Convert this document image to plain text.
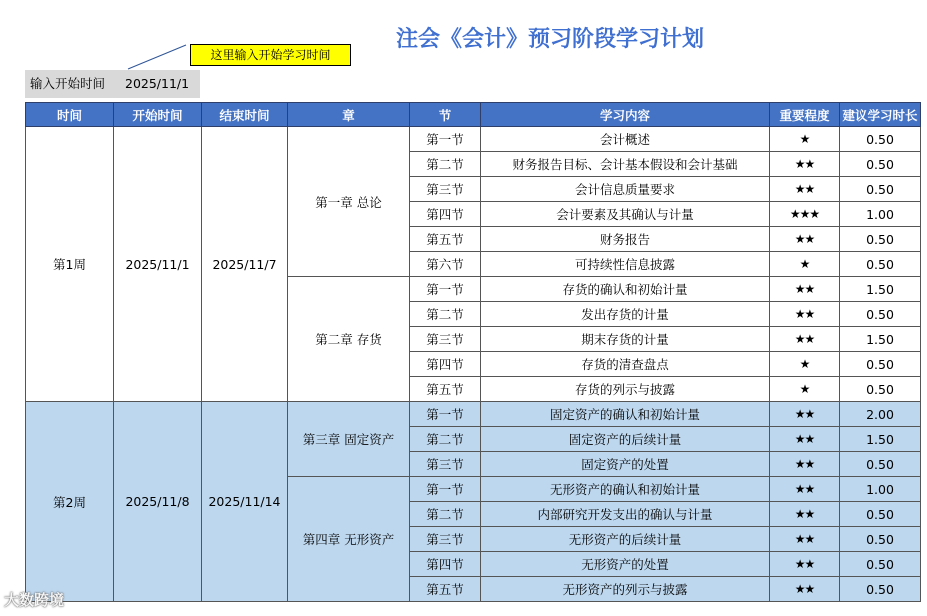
注会《会计》预习阶段学习计划
这里输入开始学习时间
输入开始时间 2025/11/1
时间	开始时间	结束时间	章	节	学习内容	重要程度	建议学习时长
第1周	2025/11/1	2025/11/7	第一章 总论	第一节	会计概述	★	0.50
				第二节	财务报告目标、会计基本假设和会计基础	★★	0.50
				第三节	会计信息质量要求	★★	0.50
				第四节	会计要素及其确认与计量	★★★	1.00
				第五节	财务报告	★★	0.50
				第六节	可持续性信息披露	★	0.50
			第二章 存货	第一节	存货的确认和初始计量	★★	1.50
				第二节	发出存货的计量	★★	0.50
				第三节	期末存货的计量	★★	1.50
				第四节	存货的清查盘点	★	0.50
				第五节	存货的列示与披露	★	0.50
第2周	2025/11/8	2025/11/14	第三章 固定资产	第一节	固定资产的确认和初始计量	★★	2.00
				第二节	固定资产的后续计量	★★	1.50
				第三节	固定资产的处置	★★	0.50
			第四章 无形资产	第一节	无形资产的确认和初始计量	★★	1.00
				第二节	内部研究开发支出的确认与计量	★★	0.50
				第三节	无形资产的后续计量	★★	0.50
				第四节	无形资产的处置	★★	0.50
				第五节	无形资产的列示与披露	★★	0.50
大数跨境
